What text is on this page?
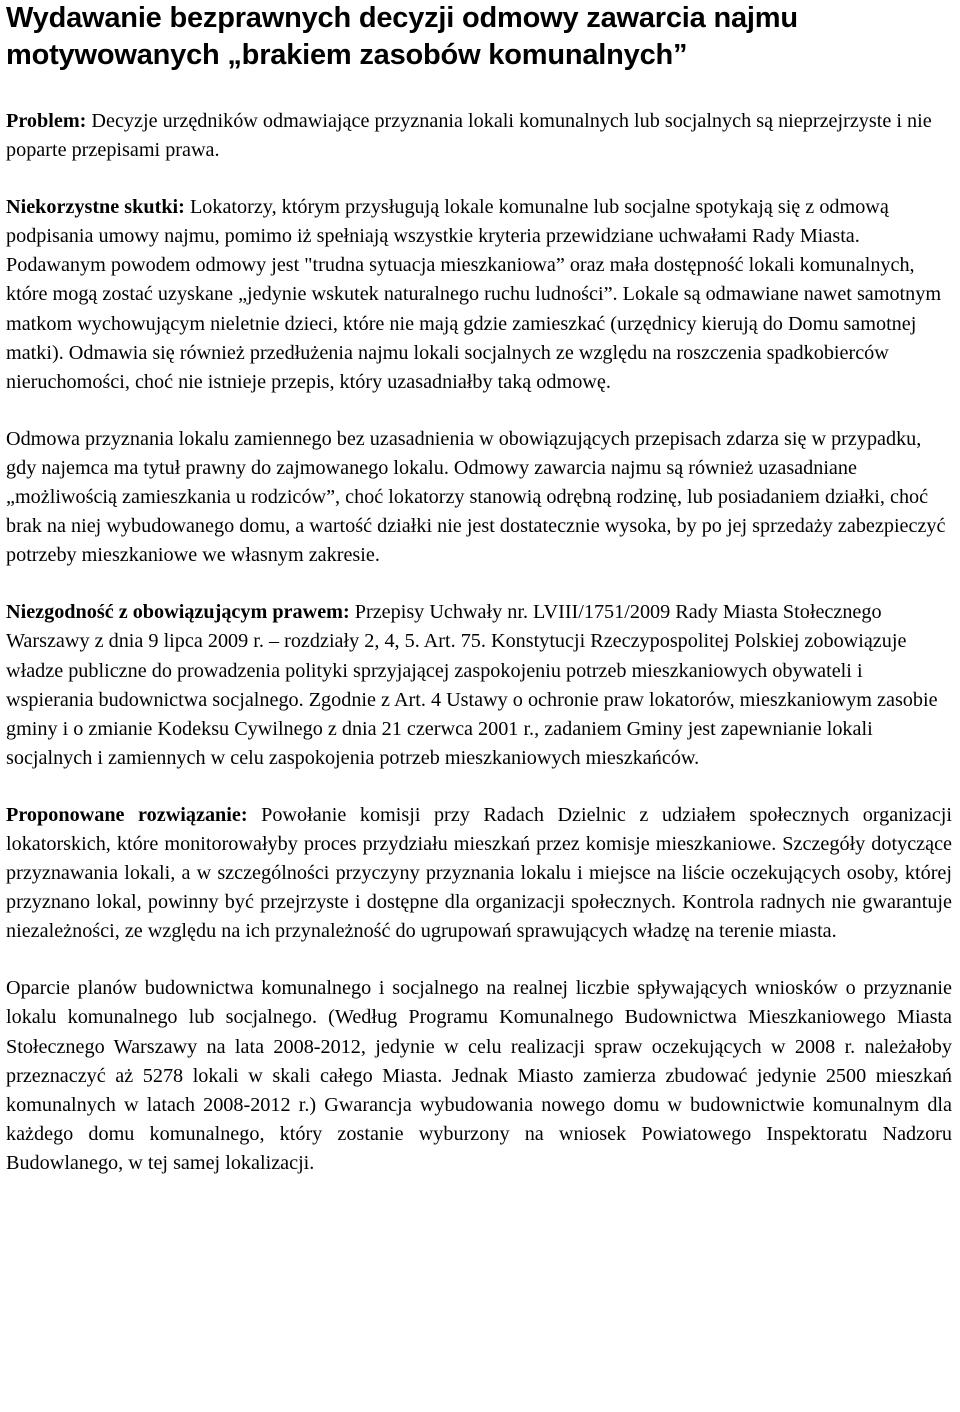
Wydawanie bezprawnych decyzji odmowy zawarcia najmu motywowanych „brakiem zasobów komunalnych”

Problem: Decyzje urzędników odmawiające przyznania lokali komunalnych lub socjalnych są nieprzejrzyste i nie poparte przepisami prawa.

Niekorzystne skutki: Lokatorzy, którym przysługują lokale komunalne lub socjalne spotykają się z odmową podpisania umowy najmu, pomimo iż spełniają wszystkie kryteria przewidziane uchwałami Rady Miasta. Podawanym powodem odmowy jest "trudna sytuacja mieszkaniowa” oraz mała dostępność lokali komunalnych, które mogą zostać uzyskane „jedynie wskutek naturalnego ruchu ludności”. Lokale są odmawiane nawet samotnym matkom wychowującym nieletnie dzieci, które nie mają gdzie zamieszkać (urzędnicy kierują do Domu samotnej matki). Odmawia się również przedłużenia najmu lokali socjalnych ze względu na roszczenia spadkobierców nieruchomości, choć nie istnieje przepis, który uzasadniałby taką odmowę.

Odmowa przyznania lokalu zamiennego bez uzasadnienia w obowiązujących przepisach zdarza się w przypadku, gdy najemca ma tytuł prawny do zajmowanego lokalu. Odmowy zawarcia najmu są również uzasadniane „możliwością zamieszkania u rodziców”, choć lokatorzy stanowią odrębną rodzinę, lub posiadaniem działki, choć brak na niej wybudowanego domu, a wartość działki nie jest dostatecznie wysoka, by po jej sprzedaży zabezpieczyć potrzeby mieszkaniowe we własnym zakresie.

Niezgodność z obowiązującym prawem: Przepisy Uchwały nr. LVIII/1751/2009 Rady Miasta Stołecznego Warszawy z dnia 9 lipca 2009 r. – rozdziały 2, 4, 5. Art. 75. Konstytucji Rzeczypospolitej Polskiej zobowiązuje władze publiczne do prowadzenia polityki sprzyjającej zaspokojeniu potrzeb mieszkaniowych obywateli i wspierania budownictwa socjalnego. Zgodnie z Art. 4 Ustawy o ochronie praw lokatorów, mieszkaniowym zasobie gminy i o zmianie Kodeksu Cywilnego z dnia 21 czerwca 2001 r., zadaniem Gminy jest zapewnianie lokali socjalnych i zamiennych w celu zaspokojenia potrzeb mieszkaniowych mieszkańców.

Proponowane rozwiązanie: Powołanie komisji przy Radach Dzielnic z udziałem społecznych organizacji lokatorskich, które monitorowałyby proces przydziału mieszkań przez komisje mieszkaniowe. Szczegóły dotyczące przyznawania lokali, a w szczególności przyczyny przyznania lokalu i miejsce na liście oczekujących osoby, której przyznano lokal, powinny być przejrzyste i dostępne dla organizacji społecznych. Kontrola radnych nie gwarantuje niezależności, ze względu na ich przynależność do ugrupowań sprawujących władzę na terenie miasta.

Oparcie planów budownictwa komunalnego i socjalnego na realnej liczbie spływających wniosków o przyznanie lokalu komunalnego lub socjalnego. (Według Programu Komunalnego Budownictwa Mieszkaniowego Miasta Stołecznego Warszawy na lata 2008-2012, jedynie w celu realizacji spraw oczekujących w 2008 r. należałoby przeznaczyć aż 5278 lokali w skali całego Miasta. Jednak Miasto zamierza zbudować jedynie 2500 mieszkań komunalnych w latach 2008-2012 r.) Gwarancja wybudowania nowego domu w budownictwie komunalnym dla każdego domu komunalnego, który zostanie wyburzony na wniosek Powiatowego Inspektoratu Nadzoru Budowlanego, w tej samej lokalizacji.
